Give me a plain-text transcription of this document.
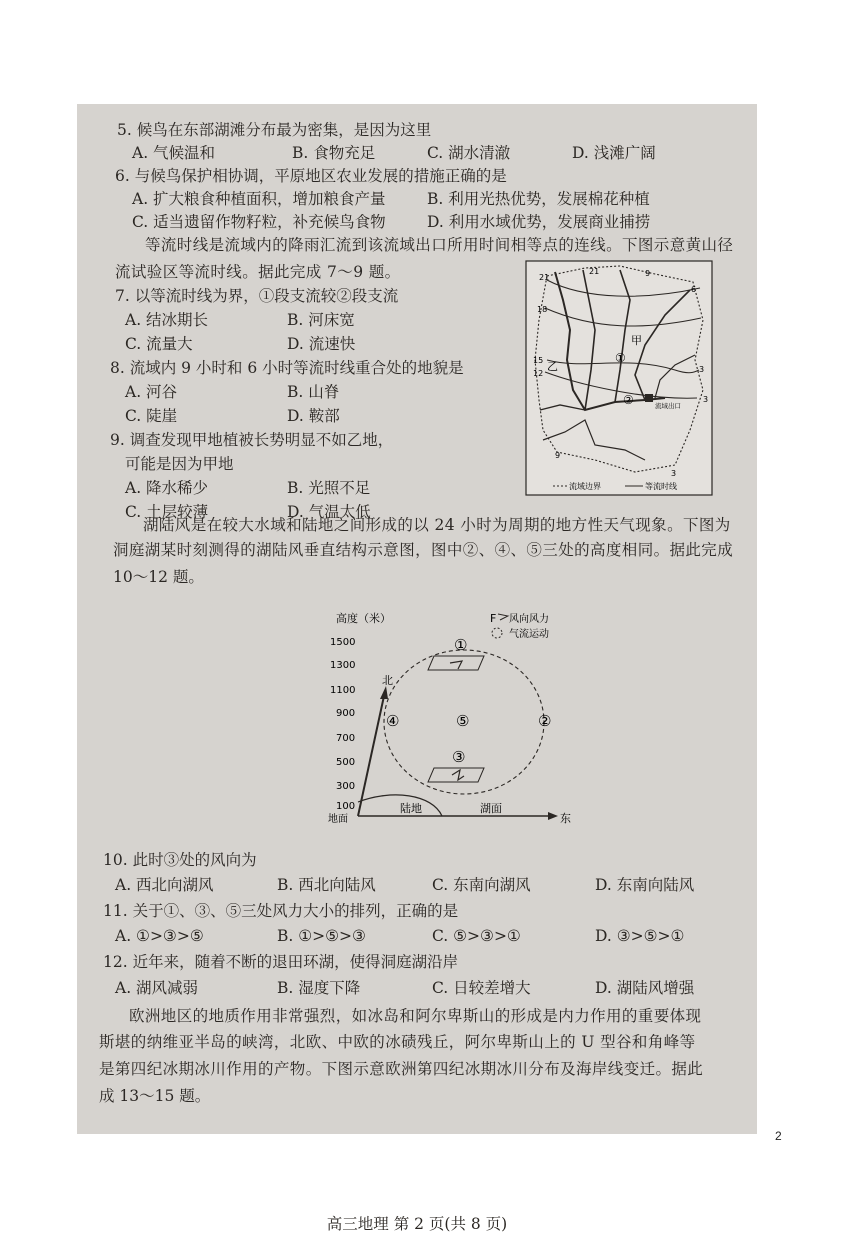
5. 候鸟在东部湖滩分布最为密集，是因为这里
A. 气候温和	B. 食物充足	C. 湖水清澈	D. 浅滩广阔
6. 与候鸟保护相协调，平原地区农业发展的措施正确的是
A. 扩大粮食种植面积，增加粮食产量	B. 利用光热优势，发展棉花种植
C. 适当遗留作物籽粒，补充候鸟食物	D. 利用水域优势，发展商业捕捞
等流时线是流域内的降雨汇流到该流域出口所用时间相等点的连线。下图示意黄山径
流试验区等流时线。据此完成 7～9 题。
7. 以等流时线为界，①段支流较②段支流
A. 结冰期长	B. 河床宽
C. 流量大	D. 流速快
8. 流域内 9 小时和 6 小时等流时线重合处的地貌是
A. 河谷	B. 山脊
C. 陡崖	D. 鞍部
9. 调查发现甲地植被长势明显不如乙地，
可能是因为甲地
A. 降水稀少	B. 光照不足
C. 土层较薄	D. 气温太低
21
21	9
6
18
15
12	3
3
9
3
甲
乙
①
②	流域出口
流域边界	等流时线
湖陆风是在较大水域和陆地之间形成的以 24 小时为周期的地方性天气现象。下图为
洞庭湖某时刻测得的湖陆风垂直结构示意图，图中②、④、⑤三处的高度相同。据此完成
10～12 题。
高度（米）
1500
1300
1100
900
700
500
300
100
地面	东
北
陆地	湖面
①
②
③
④	⑤
F 风向风力
气流运动
10. 此时③处的风向为
A. 西北向湖风	B. 西北向陆风	C. 东南向湖风	D. 东南向陆风
11. 关于①、③、⑤三处风力大小的排列，正确的是
A. ①>③>⑤	B. ①>⑤>③	C. ⑤>③>①	D. ③>⑤>①
12. 近年来，随着不断的退田环湖，使得洞庭湖沿岸
A. 湖风减弱	B. 湿度下降	C. 日较差增大	D. 湖陆风增强
欧洲地区的地质作用非常强烈，如冰岛和阿尔卑斯山的形成是内力作用的重要体现
斯堪的纳维亚半岛的峡湾，北欧、中欧的冰碛残丘，阿尔卑斯山上的 U 型谷和角峰等
是第四纪冰期冰川作用的产物。下图示意欧洲第四纪冰期冰川分布及海岸线变迁。据此
成 13～15 题。
高三地理 第 2 页(共 8 页)
2
